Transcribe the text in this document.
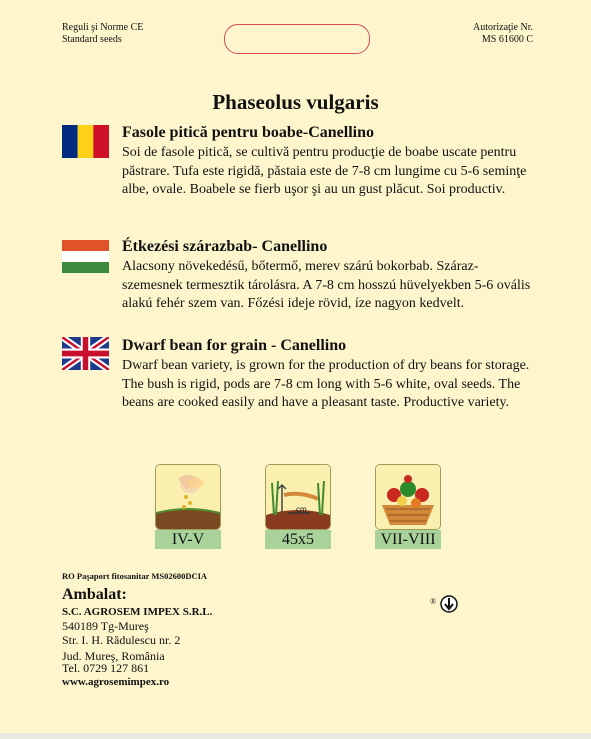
Reguli şi Norme CE
Standard seeds
Autorizaţie Nr.
MS 61600 C
Phaseolus vulgaris
Fasole pitică pentru boabe-Canellino
Soi de fasole pitică, se cultivă pentru producţie de boabe uscate pentru păstrare. Tufa este rigidă, păstaia este de 7-8 cm lungime cu 5-6 seminţe albe, ovale. Boabele se fierb uşor şi au un gust plăcut. Soi productiv.
Étkezési szárazbab- Canellino
Alacsony növekedésű, bőtermő, merev szárú bokorbab. Száraz-szemesnek termesztik tárolásra. A 7-8 cm hosszú hüvelyekben 5-6 ovális alakú fehér szem van. Főzési ideje rövid, íze nagyon kedvelt.
Dwarf bean for grain - Canellino
Dwarf bean variety, is grown for the production of dry beans for storage. The bush is rigid, pods are 7-8 cm long with 5-6 white, oval seeds. The beans are cooked easily and have a pleasant taste. Productive variety.
IV-V
cm
45x5	VII-VIII
RO Paşaport fitosanitar MS02600DCIA
Ambalat:
S.C. AGROSEM IMPEX S.R.L.
540189 Tg-Mureş
Str. I. H. Rădulescu nr. 2
Jud. Mureş, România
Tel. 0729 127 861
www.agrosemimpex.ro
®
